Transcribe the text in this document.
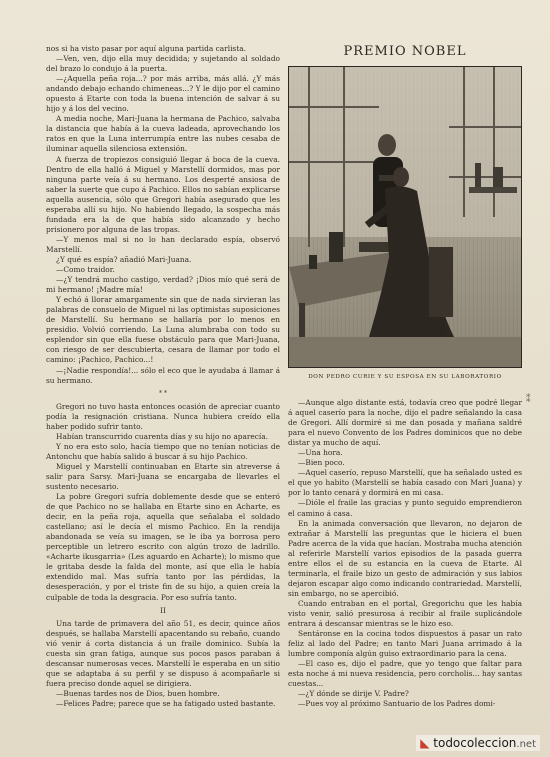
nos si ha visto pasar por aquí alguna partida carlista.

—Ven, ven, dijo ella muy decidida; y sujetando al soldado del brazo lo condujo á la puerta.

—¿Aquella peña roja...? por más arriba, más allá. ¿Y más andando debajo echando chimeneas...? Y le dijo por el camino opuesto á Etarte con toda la buena intención de salvar á su hijo y á los del vecino.

A media noche, Mari-Juana la hermana de Pachico, salvaba la distancia que había á la cueva ladeada, aprovechando los ratos en que la Luna interrumpía entre las nubes cesaba de iluminar aquella silenciosa extensión.

A fuerza de tropiezos consiguió llegar á boca de la cueva. Dentro de ella halló á Miguel y Marstellí dormidos, mas por ninguna parte veía á su hermano. Los desperté ansiosa de saber la suerte que cupo á Pachico. Ellos no sabían explicarse aquella ausencia, sólo que Gregori había asegurado que les esperaba allí su hijo. No habiendo llegado, la sospecha más fundada era la de que había sido alcanzado y hecho prisionero por alguna de las tropas.

—Y menos mal si no lo han declarado espía, observó Marstellí.

¿Y qué es espía? añadió Mari-Juana.

—Como traidor.

—¿Y tendrá mucho castigo, verdad? ¡Dios mío qué será de mi hermano! ¡Madre mía!

Y echó á llorar amargamente sin que de nada sirvieran las palabras de consuelo de Miguel ni las optimistas suposiciones de Marstellí. Su hermano se hallaría por lo menos en presidio. Volvió corriendo. La Luna alumbraba con todo su esplendor sin que ella fuese obstáculo para que Mari-Juana, con riesgo de ser descubierta, cesara de llamar por todo el camino: ¡Pachico, Pachico...!

—¡Nadie respondía!... sólo el eco que le ayudaba á llamar á su hermano.

* *

Gregori no tuvo hasta entonces ocasión de apreciar cuanto podía la resignación cristiana. Nunca hubiera creído ella haber podido sufrir tanto.

Habían transcurrido cuarenta días y su hijo no aparecía.

Y no era esto solo, hacía tiempo que no tenían noticias de Antonchu que había salido á buscar á su hijo Pachico.

Miguel y Marstellí continuaban en Etarte sin atreverse á salir para Sarsy. Mari-Juana se encargaba de llevarles el sustento necesario.

La pobre Gregori sufría doblemente desde que se enteró de que Pachico no se hallaba en Etarte sino en Acharte, es decir, en la peña roja, aquella que señalaba el soldado castellano; así le decía el mismo Pachico. En la rendija abandonada se veía su imagen, se le iba ya borrosa pero perceptible un letrero escrito con algún trozo de ladrillo. «Acharte ikusgarria» (Les aguardo en Acharte); lo mismo que le gritaba desde la falda del monte, así que ella le había extendido mal. Mas sufría tanto por las pérdidas, la desesperación, y por el triste fin de su hijo, a quien creía la culpable de toda la desgracia. Por eso sufría tanto.

II

Una tarde de primavera del año 51, es decir, quince años después, se hallaba Marstellí apacentando su rebaño, cuando vió venir á corta distancia á un fraile dominico. Subía la cuesta sin gran fatiga, aunque sus pocos pasos paraban á descansar numerosas veces. Marstellí le esperaba en un sitio que se adaptaba á su perfil y se dispuso á acompañarle si fuera preciso donde aquel se dirigiera.

—Buenas tardes nos de Dios, buen hombre.

—Felices Padre; parece que se ha fatigado usted bastante.

PREMIO NOBEL
DON PEDRO CURIE Y SU ESPOSA EN SU LABORATORIO

—Aunque algo distante está, todavía creo que podré llegar á aquel caserío para la noche, dijo el padre señalando la casa de Gregori. Allí dormiré si me dan posada y mañana saldré para el nuevo Convento de los Padres dominicos que no debe distar ya mucho de aquí.

—Una hora.

—Bien poco.

—Aquel caserío, repuso Marstellí, que ha señalado usted es el que yo habito (Marstellí se había casado con Mari Juana) y por lo tanto cenará y dormirá en mi casa.

—Dióle el fraile las gracias y punto seguido emprendieron el camino á casa.

En la animada conversación que llevaron, no dejaron de extrañar á Marstellí las preguntas que le hiciera el buen Padre acerca de la vida que hacían. Mostraba mucha atención al referirle Marstellí varios episodios de la pasada guerra entre ellos el de su estancia en la cueva de Etarte. Al terminarla, el fraile bizo un gesto de admiración y sus labios dejaron escapar algo como indicando contrariedad. Marstellí, sin embargo, no se apercibió.

Cuando entraban en el portal, Gregorichu que les había visto venir, salió presurosa á recibir al fraile suplicándole entrara á descansar mientras se le hizo eso.

Sentáronse en la cocina todos dispuestos á pasar un rato feliz al lado del Padre; en tanto Mari Juana arrimado á la lumbre componía algún guiso extraordinario para la cena.

—El caso es, dijo el padre, que yo tengo que faltar para esta noche á mi nueva residencia, pero corcholis... hay santas cuestas...

—¿Y dónde se dirije V. Padre?

—Pues voy al próximo Santuario de los Padres domi-

⁑
◣ todocoleccion.net
